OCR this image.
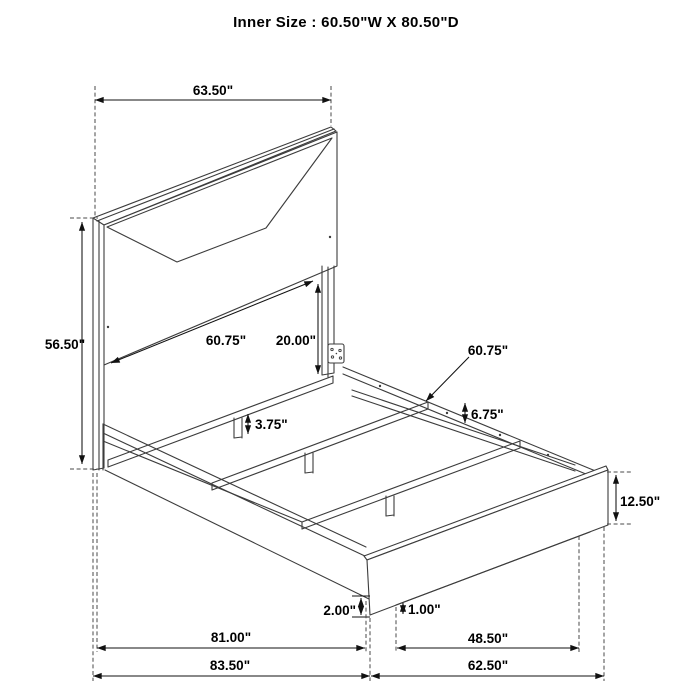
63.50"
56.50"	60.75" 20.00"
60.75"
6.75"
3.75"
12.50"
2.00"	1.00"
81.00"	48.50"
83.50"	62.50"
Inner Size : 60.50"W X 80.50"D
